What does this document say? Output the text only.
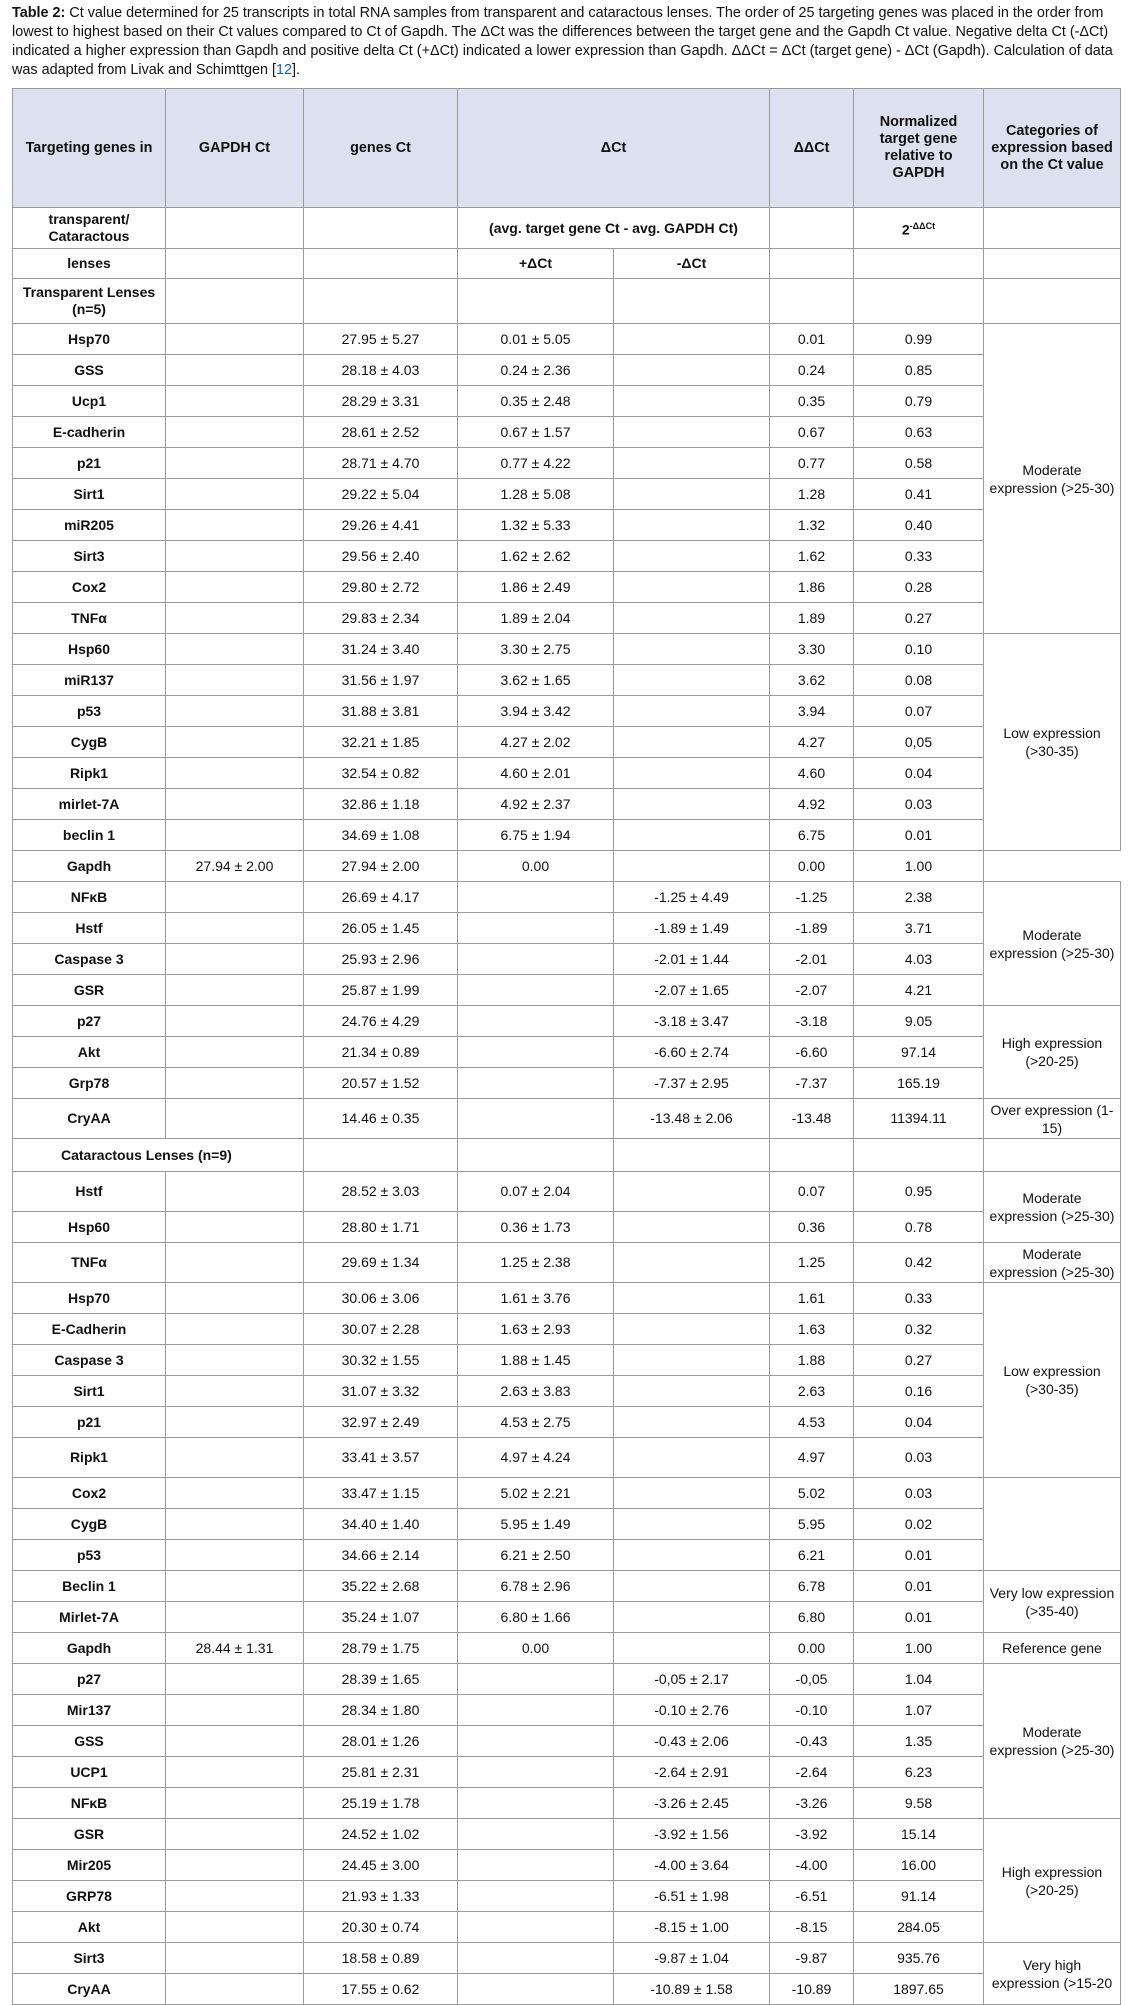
Table 2: Ct value determined for 25 transcripts in total RNA samples from transparent and cataractous lenses. The order of 25 targeting genes was placed in the order from lowest to highest based on their Ct values compared to Ct of Gapdh. The ΔCt was the differences between the target gene and the Gapdh Ct value. Negative delta Ct (-ΔCt) indicated a higher expression than Gapdh and positive delta Ct (+ΔCt) indicated a lower expression than Gapdh. ΔΔCt = ΔCt (target gene) - ΔCt (Gapdh). Calculation of data was adapted from Livak and Schimttgen [12].

Targeting genes in	GAPDH Ct	genes Ct	ΔCt		ΔΔCt	Normalized target gene relative to GAPDH	Categories of expression based on the Ct value
transparent/ Cataractous			(avg. target gene Ct - avg. GAPDH Ct)			$2^{-\Delta\Delta Ct}$	
lenses			+ΔCt	-ΔCt			
Transparent Lenses (n=5)							
Hsp70		27.95 ± 5.27	0.01 ± 5.05		0.01	0.99	Moderate expression (>25-30)
GSS		28.18 ± 4.03	0.24 ± 2.36		0.24	0.85	
Ucp1		28.29 ± 3.31	0.35 ± 2.48		0.35	0.79	
E-cadherin		28.61 ± 2.52	0.67 ± 1.57		0.67	0.63	
p21		28.71 ± 4.70	0.77 ± 4.22		0.77	0.58	
Sirt1		29.22 ± 5.04	1.28 ± 5.08		1.28	0.41	
miR205		29.26 ± 4.41	1.32 ± 5.33		1.32	0.40	
Sirt3		29.56 ± 2.40	1.62 ± 2.62		1.62	0.33	
Cox2		29.80 ± 2.72	1.86 ± 2.49		1.86	0.28	
TNFα		29.83 ± 2.34	1.89 ± 2.04		1.89	0.27	
Hsp60		31.24 ± 3.40	3.30 ± 2.75		3.30	0.10	Low expression (>30-35)
miR137		31.56 ± 1.97	3.62 ± 1.65		3.62	0.08	
p53		31.88 ± 3.81	3.94 ± 3.42		3.94	0.07	
CygB		32.21 ± 1.85	4.27 ± 2.02		4.27	0,05	
Ripk1		32.54 ± 0.82	4.60 ± 2.01		4.60	0.04	
mirlet-7A		32.86 ± 1.18	4.92 ± 2.37		4.92	0.03	
beclin 1		34.69 ± 1.08	6.75 ± 1.94		6.75	0.01	
Gapdh	27.94 ± 2.00	27.94 ± 2.00	0.00		0.00	1.00	
NFκB		26.69 ± 4.17		-1.25 ± 4.49	-1.25	2.38	Moderate expression (>25-30)
Hstf		26.05 ± 1.45		-1.89 ± 1.49	-1.89	3.71	
Caspase 3		25.93 ± 2.96		-2.01 ± 1.44	-2.01	4.03	
GSR		25.87 ± 1.99		-2.07 ± 1.65	-2.07	4.21	
p27		24.76 ± 4.29		-3.18 ± 3.47	-3.18	9.05	High expression (>20-25)
Akt		21.34 ± 0.89		-6.60 ± 2.74	-6.60	97.14	
Grp78		20.57 ± 1.52		-7.37 ± 2.95	-7.37	165.19	
CryAA		14.46 ± 0.35		-13.48 ± 2.06	-13.48	11394.11	Over expression (1-15)
Cataractous Lenses (n=9)							
Hstf		28.52 ± 3.03	0.07 ± 2.04		0.07	0.95	Moderate expression (>25-30)
Hsp60		28.80 ± 1.71	0.36 ± 1.73		0.36	0.78	
TNFα		29.69 ± 1.34	1.25 ± 2.38		1.25	0.42	Moderate expression (>25-30)
Hsp70		30.06 ± 3.06	1.61 ± 3.76		1.61	0.33	Low expression (>30-35)
E-Cadherin		30.07 ± 2.28	1.63 ± 2.93		1.63	0.32	
Caspase 3		30.32 ± 1.55	1.88 ± 1.45		1.88	0.27	
Sirt1		31.07 ± 3.32	2.63 ± 3.83		2.63	0.16	
p21		32.97 ± 2.49	4.53 ± 2.75		4.53	0.04	
Ripk1		33.41 ± 3.57	4.97 ± 4.24		4.97	0.03	
Cox2		33.47 ± 1.15	5.02 ± 2.21		5.02	0.03	
CygB		34.40 ± 1.40	5.95 ± 1.49		5.95	0.02	
p53		34.66 ± 2.14	6.21 ± 2.50		6.21	0.01	
Beclin 1		35.22 ± 2.68	6.78 ± 2.96		6.78	0.01	Very low expression (>35-40)
Mirlet-7A		35.24 ± 1.07	6.80 ± 1.66		6.80	0.01	
Gapdh	28.44 ± 1.31	28.79 ± 1.75	0.00		0.00	1.00	Reference gene
p27		28.39 ± 1.65		-0,05 ± 2.17	-0,05	1.04	Moderate expression (>25-30)
Mir137		28.34 ± 1.80		-0.10 ± 2.76	-0.10	1.07	
GSS		28.01 ± 1.26		-0.43 ± 2.06	-0.43	1.35	
UCP1		25.81 ± 2.31		-2.64 ± 2.91	-2.64	6.23	
NFκB		25.19 ± 1.78		-3.26 ± 2.45	-3.26	9.58	
GSR		24.52 ± 1.02		-3.92 ± 1.56	-3.92	15.14	High expression (>20-25)
Mir205		24.45 ± 3.00		-4.00 ± 3.64	-4.00	16.00	
GRP78		21.93 ± 1.33		-6.51 ± 1.98	-6.51	91.14	
Akt		20.30 ± 0.74		-8.15 ± 1.00	-8.15	284.05	
Sirt3		18.58 ± 0.89		-9.87 ± 1.04	-9.87	935.76	Very high expression (>15-20
CryAA		17.55 ± 0.62		-10.89 ± 1.58	-10.89	1897.65	
